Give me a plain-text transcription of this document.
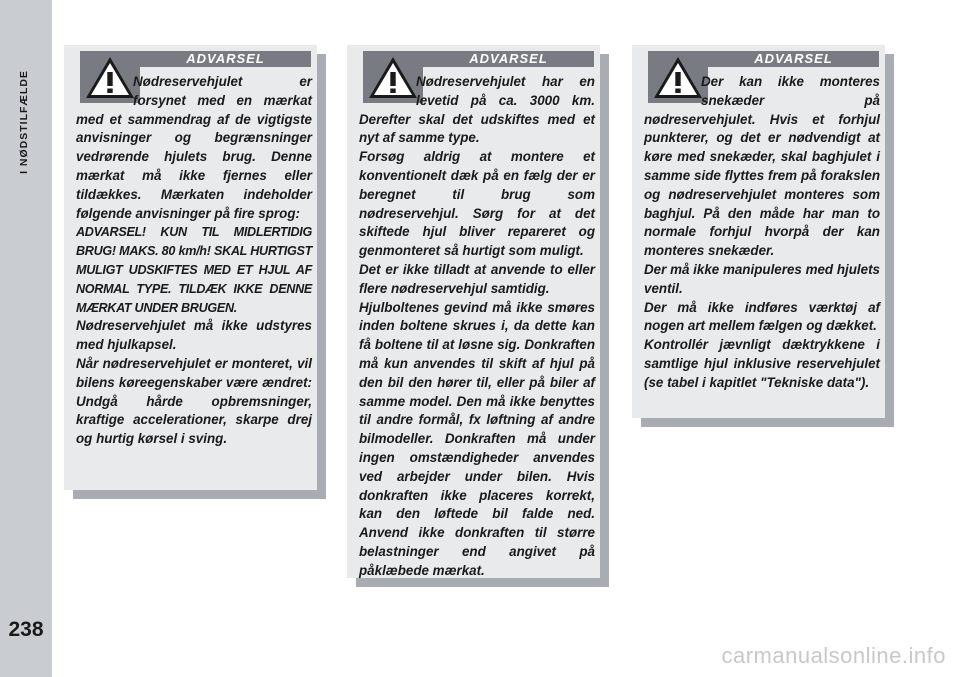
I NØDSTILFÆLDE
238
ADVARSEL

Nødreservehjulet er forsynet med en mærkat med et sammendrag af de vigtigste anvisninger og begrænsninger vedrørende hjulets brug. Denne mærkat må ikke fjernes eller tildækkes. Mærkaten indeholder følgende anvisninger på fire sprog:

ADVARSEL! KUN TIL MIDLERTIDIG BRUG! MAKS. 80 km/h! SKAL HURTIGST MULIGT UDSKIFTES MED ET HJUL AF NORMAL TYPE. TILDÆK IKKE DENNE MÆRKAT UNDER BRUGEN.

Nødreservehjulet må ikke udstyres med hjulkapsel.

Når nødreservehjulet er monteret, vil bilens køreegenskaber være ændret: Undgå hårde opbremsninger, kraftige accelerationer, skarpe drej og hurtig kørsel i sving.

ADVARSEL

Nødreservehjulet har en levetid på ca. 3000 km. Derefter skal det udskiftes med et nyt af samme type.

Forsøg aldrig at montere et konventionelt dæk på en fælg der er beregnet til brug som nødreservehjul. Sørg for at det skiftede hjul bliver repareret og genmonteret så hurtigt som muligt.

Det er ikke tilladt at anvende to eller flere nødreservehjul samtidig.

Hjulboltenes gevind må ikke smøres inden boltene skrues i, da dette kan få boltene til at løsne sig. Donkraften må kun anvendes til skift af hjul på den bil den hører til, eller på biler af samme model. Den må ikke benyttes til andre formål, fx løftning af andre bilmodeller. Donkraften må under ingen omstændigheder anvendes ved arbejder under bilen. Hvis donkraften ikke placeres korrekt, kan den løftede bil falde ned. Anvend ikke donkraften til større belastninger end angivet på påklæbede mærkat.

ADVARSEL

Der kan ikke monteres snekæder på nødreservehjulet. Hvis et forhjul punkterer, og det er nødvendigt at køre med snekæder, skal baghjulet i samme side flyttes frem på forakslen og nødreservehjulet monteres som baghjul. På den måde har man to normale forhjul hvorpå der kan monteres snekæder.

Der må ikke manipuleres med hjulets ventil.

Der må ikke indføres værktøj af nogen art mellem fælgen og dækket.

Kontrollér jævnligt dæktrykkene i samtlige hjul inklusive reservehjulet (se tabel i kapitlet "Tekniske data").

carmanualsonline.info
